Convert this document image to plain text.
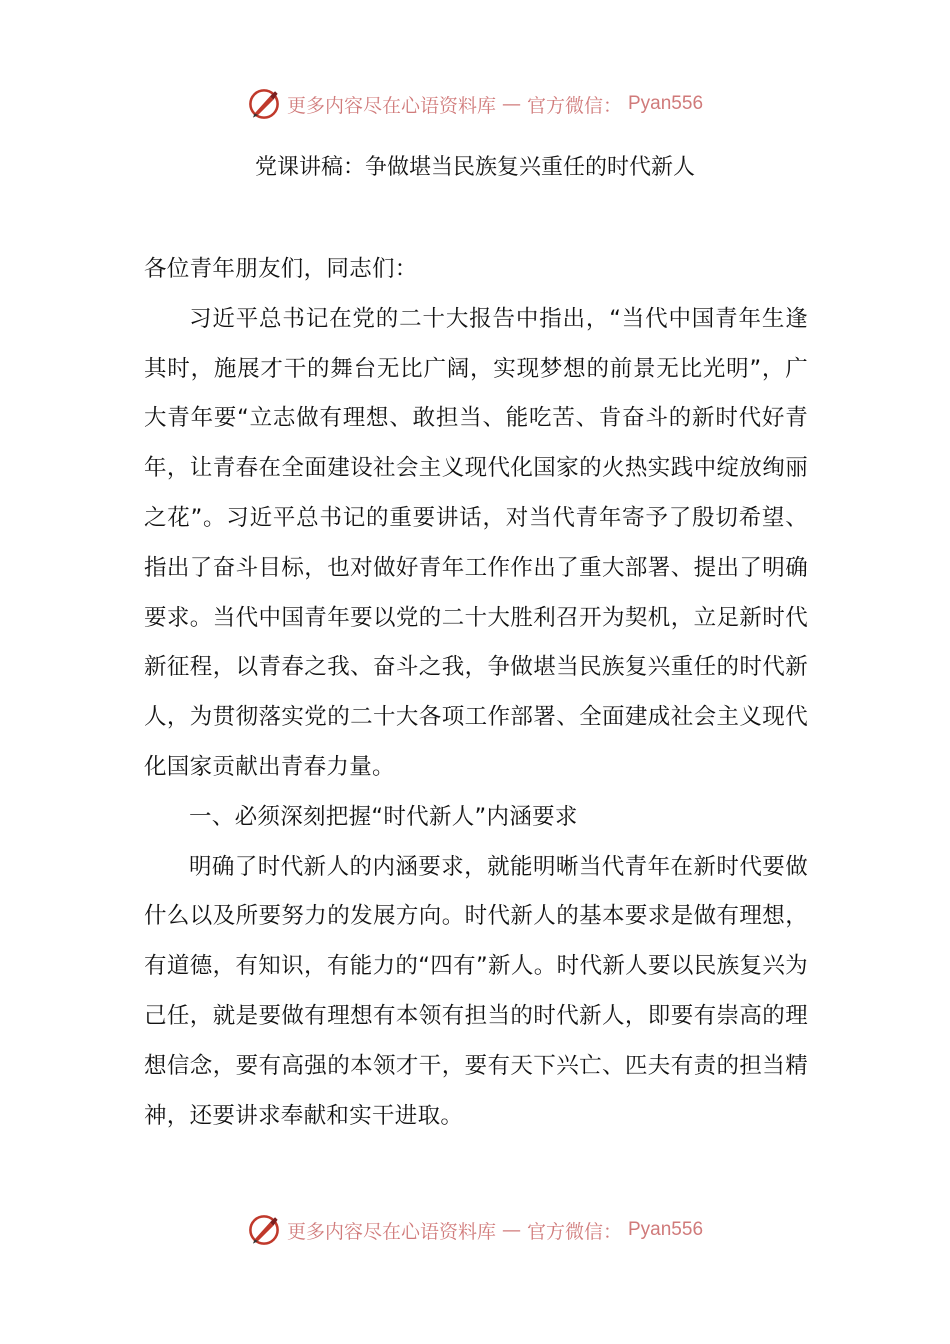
更多内容尽在心语资料库 — 官方微信： Pyan556
党课讲稿：争做堪当民族复兴重任的时代新人

各位青年朋友们，同志们：

习近平总书记在党的二十大报告中指出，“当代中国青年生逢其时，施展才干的舞台无比广阔，实现梦想的前景无比光明”，广大青年要“立志做有理想、敢担当、能吃苦、肯奋斗的新时代好青年，让青春在全面建设社会主义现代化国家的火热实践中绽放绚丽之花”。习近平总书记的重要讲话，对当代青年寄予了殷切希望、指出了奋斗目标，也对做好青年工作作出了重大部署、提出了明确要求。当代中国青年要以党的二十大胜利召开为契机，立足新时代新征程，以青春之我、奋斗之我，争做堪当民族复兴重任的时代新人，为贯彻落实党的二十大各项工作部署、全面建成社会主义现代化国家贡献出青春力量。

一、必须深刻把握“时代新人”内涵要求

明确了时代新人的内涵要求，就能明晰当代青年在新时代要做什么以及所要努力的发展方向。时代新人的基本要求是做有理想，有道德，有知识，有能力的“四有”新人。时代新人要以民族复兴为己任，就是要做有理想有本领有担当的时代新人，即要有崇高的理想信念，要有高强的本领才干，要有天下兴亡、匹夫有责的担当精神，还要讲求奉献和实干进取。

更多内容尽在心语资料库 — 官方微信： Pyan556
